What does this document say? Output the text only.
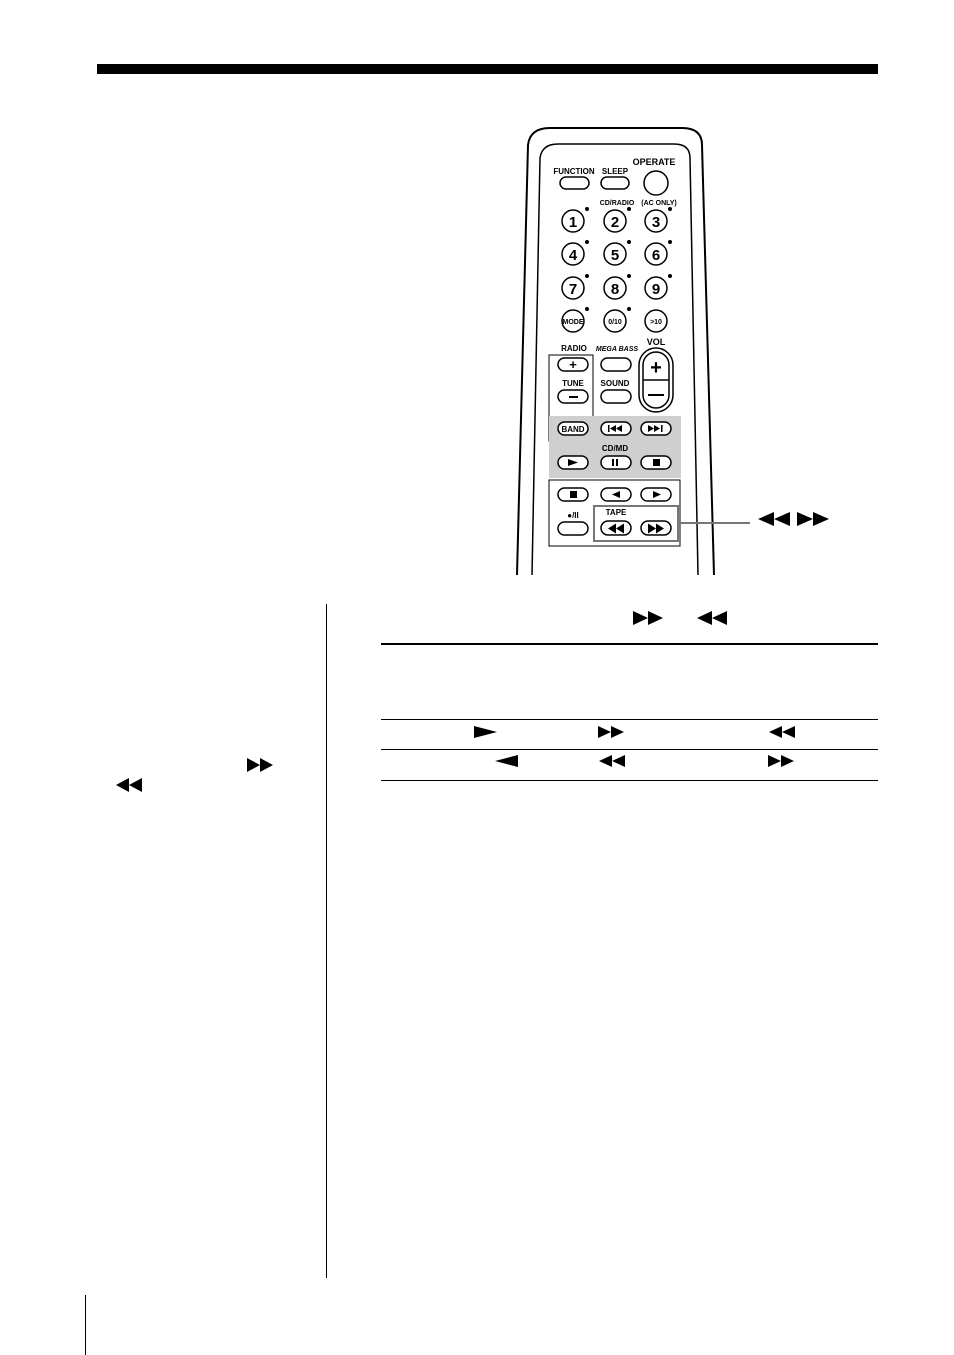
FUNCTION SLEEP
OPERATE
CD/RADIO (AC ONLY)
1 2 3
4 5 6
7 8 9
MODE	0/10	>10
RADIO
+
TUNE
MEGA BASS
SOUND
VOL
+
BAND
CD/MD
●/II	TAPE
